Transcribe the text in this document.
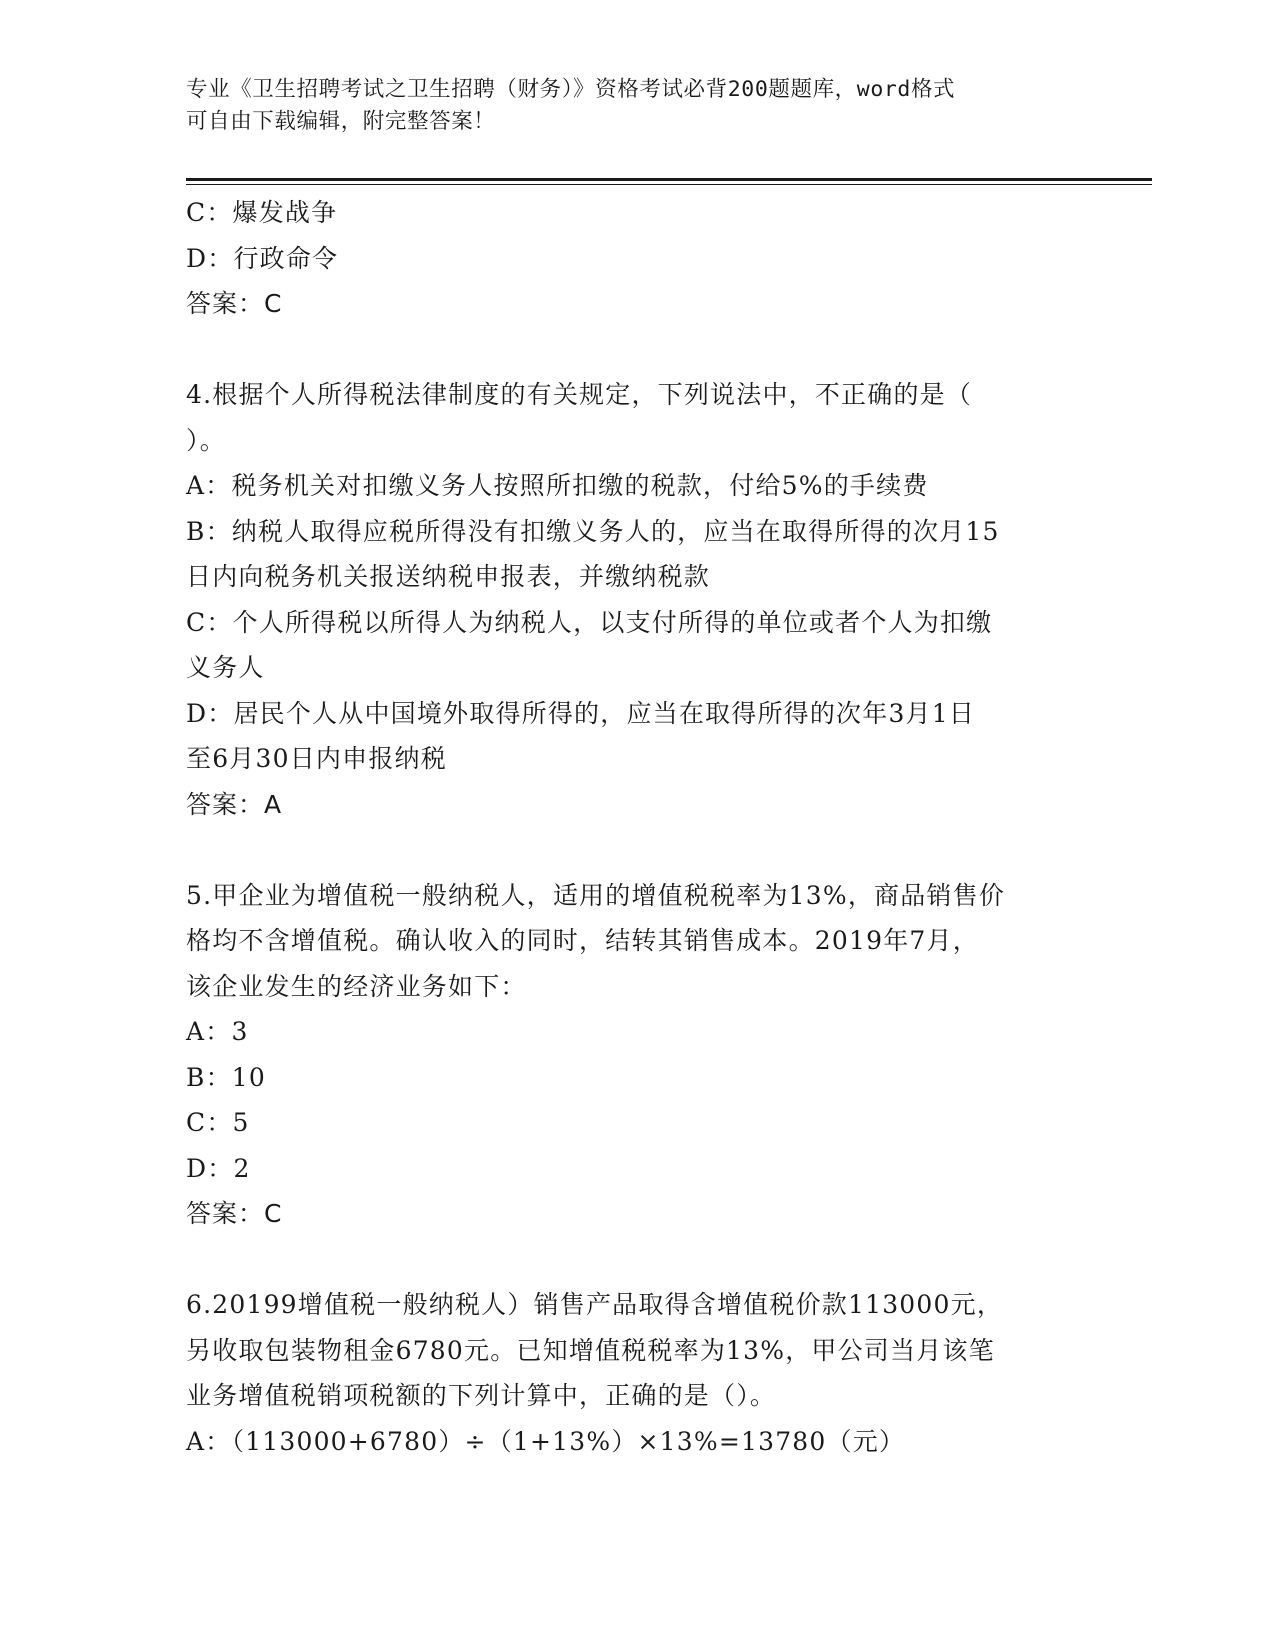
专业《卫生招聘考试之卫生招聘（财务）》资格考试必背200题题库，word格式
可自由下载编辑，附完整答案！
C：爆发战争
D：行政命令
答案：C
4.根据个人所得税法律制度的有关规定，下列说法中，不正确的是（
）。
A：税务机关对扣缴义务人按照所扣缴的税款，付给5%的手续费
B：纳税人取得应税所得没有扣缴义务人的，应当在取得所得的次月15
日内向税务机关报送纳税申报表，并缴纳税款
C：个人所得税以所得人为纳税人，以支付所得的单位或者个人为扣缴
义务人
D：居民个人从中国境外取得所得的，应当在取得所得的次年3月1日
至6月30日内申报纳税
答案：A
5.甲企业为增值税一般纳税人，适用的增值税税率为13%，商品销售价
格均不含增值税。确认收入的同时，结转其销售成本。2019年7月，
该企业发生的经济业务如下：
A：3
B：10
C：5
D：2
答案：C
6.20199增值税一般纳税人）销售产品取得含增值税价款113000元，
另收取包装物租金6780元。已知增值税税率为13%，甲公司当月该笔
业务增值税销项税额的下列计算中，正确的是（）。
A：（113000+6780）÷（1+13%）×13%=13780（元）
